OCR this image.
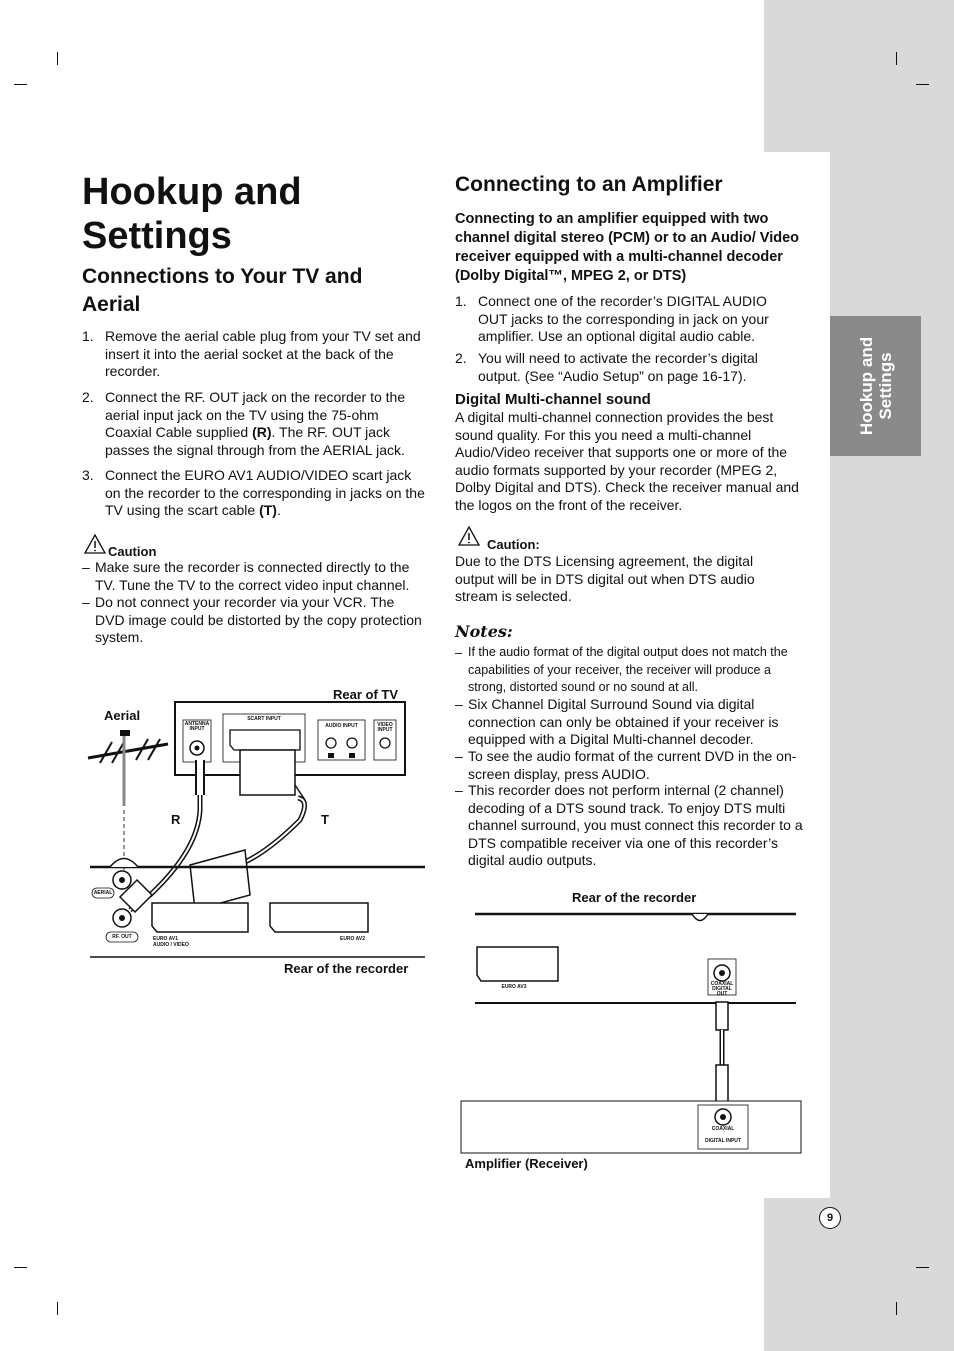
Hookup and Settings
9
Hookup and
Settings
Connections to Your TV and
Aerial
1. Remove the aerial cable plug from your TV set and insert it into the aerial socket at the back of the recorder.
2. Connect the RF. OUT jack on the recorder to the aerial input jack on the TV using the 75-ohm Coaxial Cable supplied (R). The RF. OUT jack passes the signal through from the AERIAL jack.
3. Connect the EURO AV1 AUDIO/VIDEO scart jack on the recorder to the corresponding in jacks on the TV using the scart cable (T).
Caution
– Make sure the recorder is connected directly to the TV. Tune the TV to the correct video input channel.
– Do not connect your recorder via your VCR. The DVD image could be distorted by the copy protection system.
Rear of TV
Aerial
R	T
Rear of the recorder
ANTENNA INPUT
SCART INPUT
AUDIO INPUT	VIDEO INPUT
AERIAL
RF. OUT	EURO AV1
AUDIO / VIDEO
EURO AV2
Connecting to an Amplifier
Connecting to an amplifier equipped with two channel digital stereo (PCM) or to an Audio/ Video receiver equipped with a multi-channel decoder (Dolby Digital™, MPEG 2, or DTS)
1. Connect one of the recorder’s DIGITAL AUDIO OUT jacks to the corresponding in jack on your amplifier. Use an optional digital audio cable.
2. You will need to activate the recorder’s digital output. (See “Audio Setup” on page 16-17).
Digital Multi-channel sound
A digital multi-channel connection provides the best sound quality. For this you need a multi-channel Audio/Video receiver that supports one or more of the audio formats supported by your recorder (MPEG 2, Dolby Digital and DTS). Check the receiver manual and the logos on the front of the receiver.
Caution:
Due to the DTS Licensing agreement, the digital output will be in DTS digital out when DTS audio stream is selected.
Notes:
– If the audio format of the digital output does not match the capabilities of your receiver, the receiver will produce a strong, distorted sound or no sound at all.
– Six Channel Digital Surround Sound via digital connection can only be obtained if your receiver is equipped with a Digital Multi-channel decoder.
– To see the audio format of the current DVD in the on-screen display, press AUDIO.
– This recorder does not perform internal (2 channel) decoding of a DTS sound track. To enjoy DTS multi channel surround, you must connect this recorder to a DTS compatible receiver via one of this recorder’s digital audio outputs.
Rear of the recorder
EURO AV3	COAXIAL DIGITAL OUT
COAXIAL
DIGITAL INPUT
Amplifier (Receiver)
